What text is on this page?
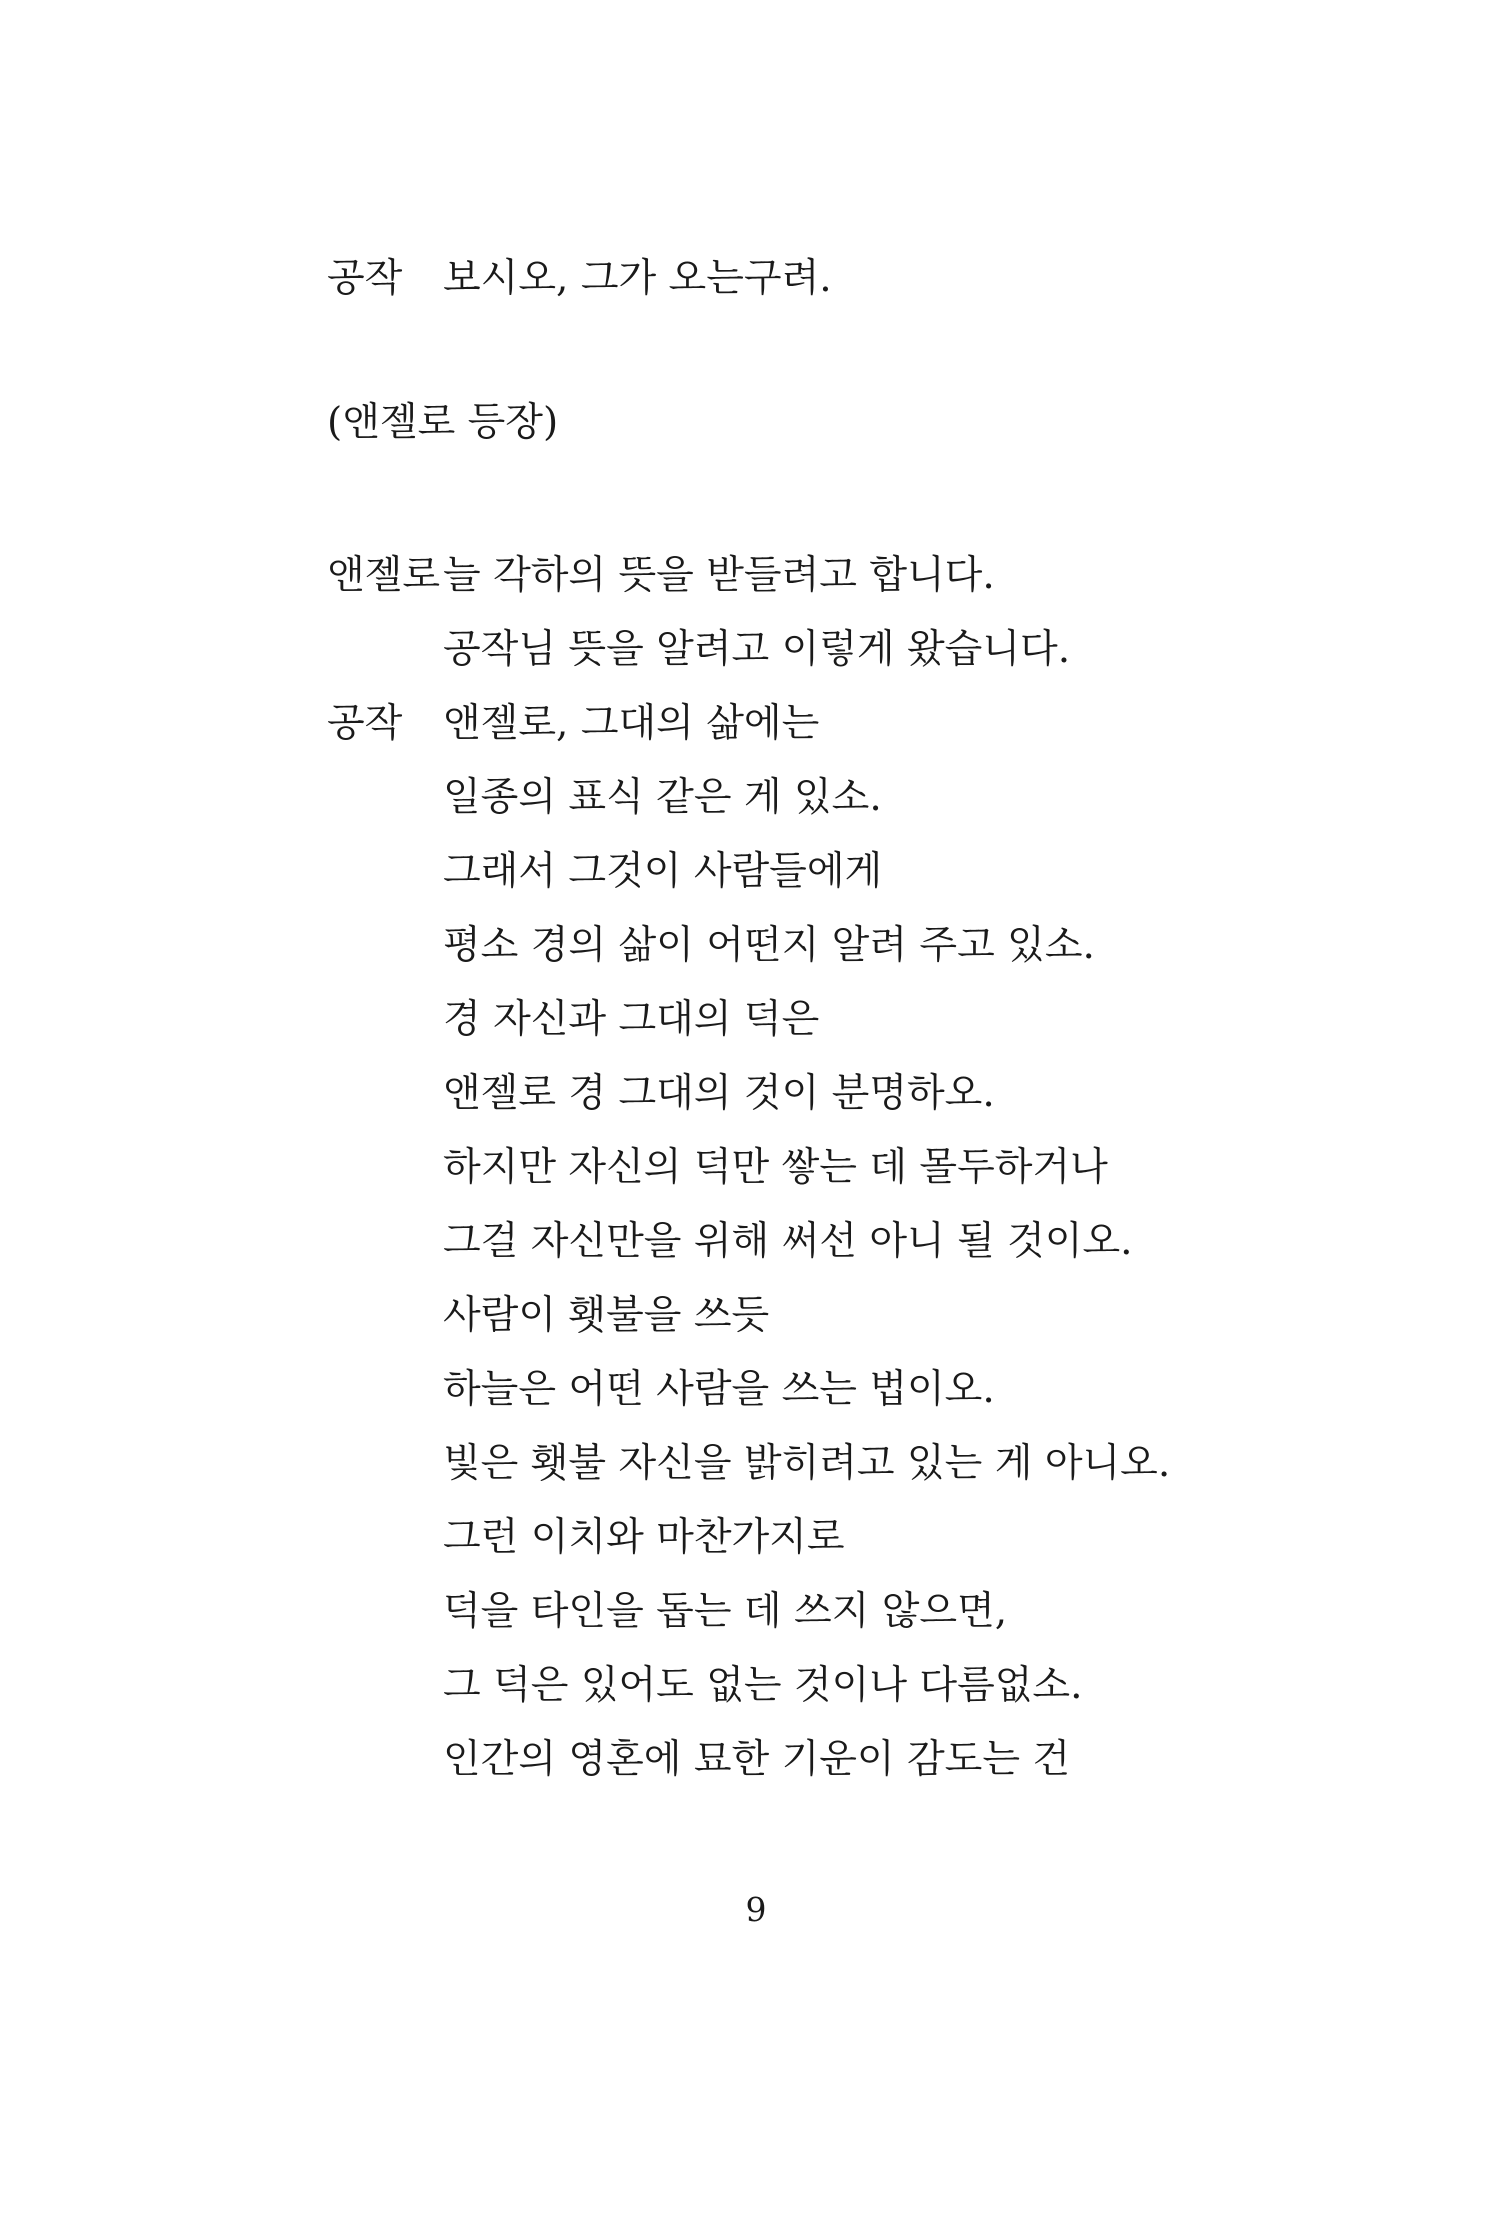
공작 보시오, 그가 오는구려.
(앤젤로 등장)
앤젤로 늘 각하의 뜻을 받들려고 합니다.
공작님 뜻을 알려고 이렇게 왔습니다.
공작 앤젤로, 그대의 삶에는
일종의 표식 같은 게 있소.
그래서 그것이 사람들에게
평소 경의 삶이 어떤지 알려 주고 있소.
경 자신과 그대의 덕은
앤젤로 경 그대의 것이 분명하오.
하지만 자신의 덕만 쌓는 데 몰두하거나
그걸 자신만을 위해 써선 아니 될 것이오.
사람이 횃불을 쓰듯
하늘은 어떤 사람을 쓰는 법이오.
빛은 횃불 자신을 밝히려고 있는 게 아니오.
그런 이치와 마찬가지로
덕을 타인을 돕는 데 쓰지 않으면,
그 덕은 있어도 없는 것이나 다름없소.
인간의 영혼에 묘한 기운이 감도는 건
9
